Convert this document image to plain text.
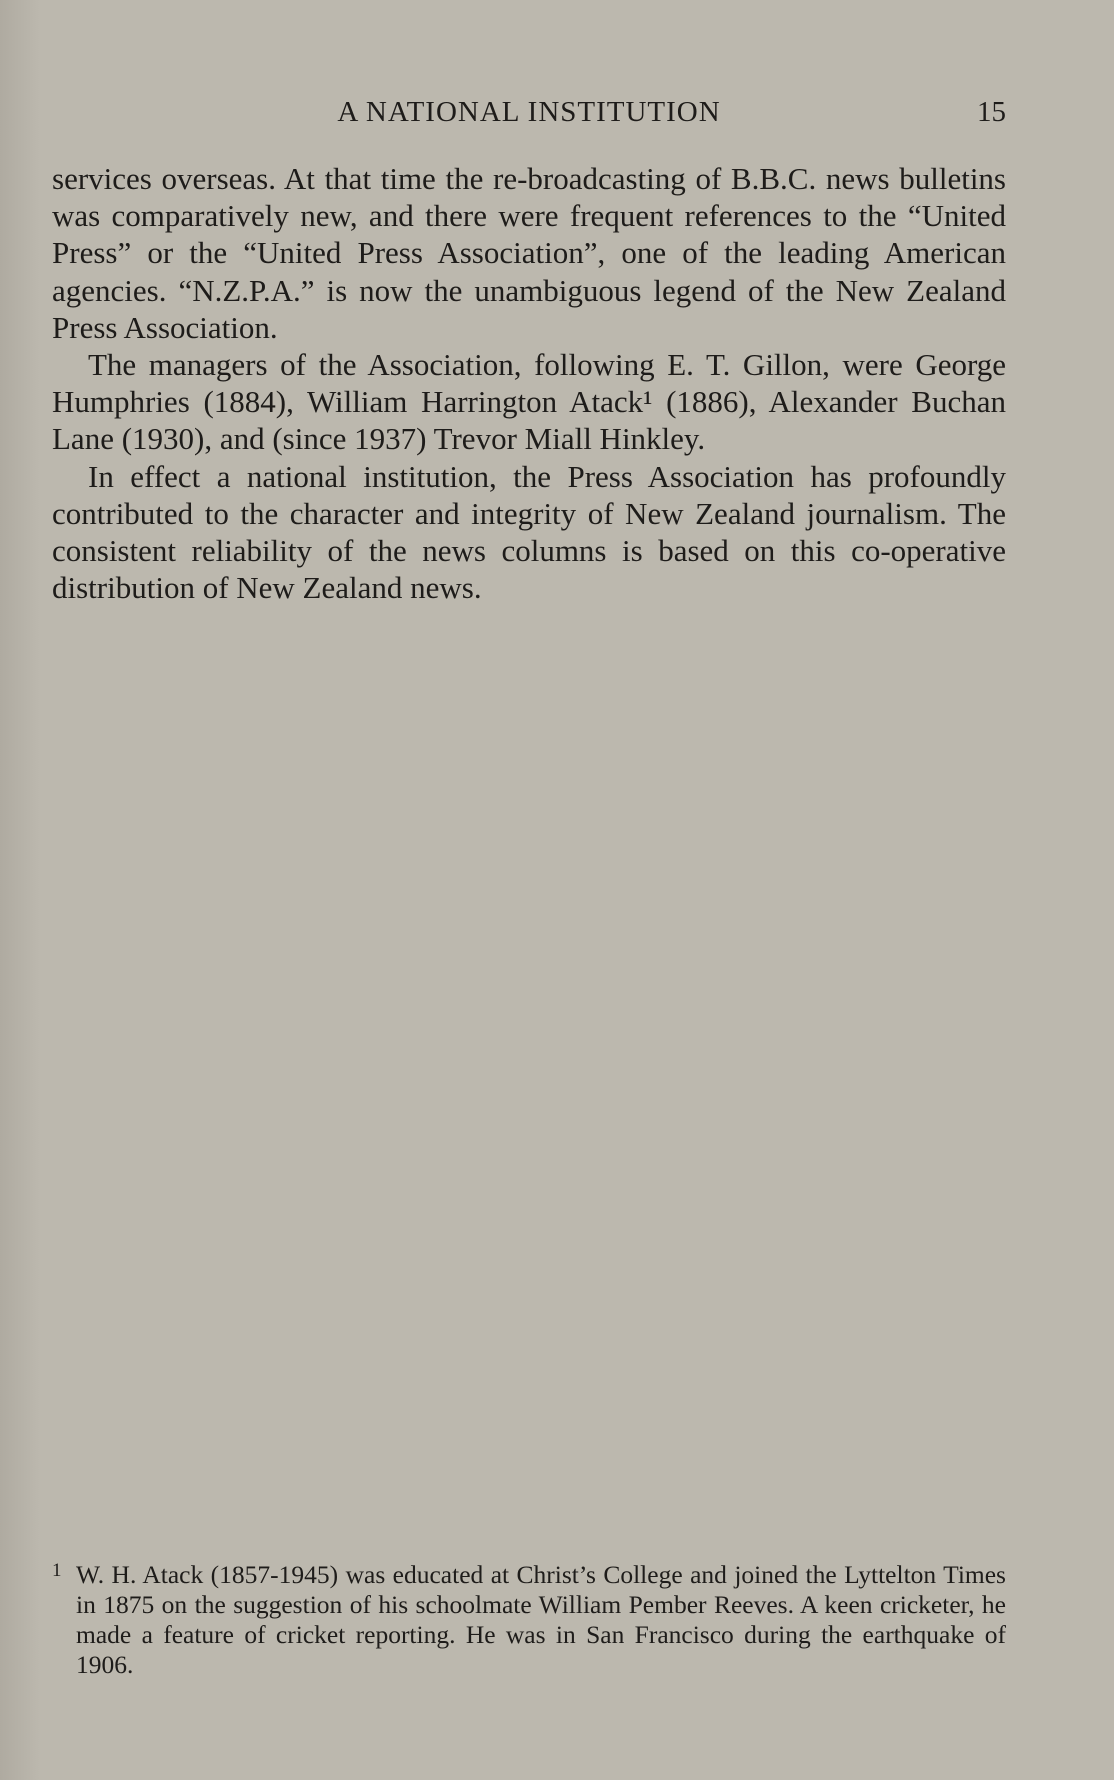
A NATIONAL INSTITUTION	15

services overseas. At that time the re-broadcasting of B.B.C. news bulletins was comparatively new, and there were frequent references to the “United Press” or the “United Press Association”, one of the leading American agencies. “N.Z.P.A.” is now the unambiguous legend of the New Zealand Press Association.

The managers of the Association, following E. T. Gillon, were George Humphries (1884), William Harrington Atack¹ (1886), Alexander Buchan Lane (1930), and (since 1937) Trevor Miall Hinkley.

In effect a national institution, the Press Association has profoundly contributed to the character and integrity of New Zealand journalism. The consistent reliability of the news columns is based on this co-operative distribution of New Zealand news.

1 W. H. Atack (1857-1945) was educated at Christ’s College and joined the Lyttelton Times in 1875 on the suggestion of his schoolmate William Pember Reeves. A keen cricketer, he made a feature of cricket reporting. He was in San Francisco during the earthquake of 1906.
